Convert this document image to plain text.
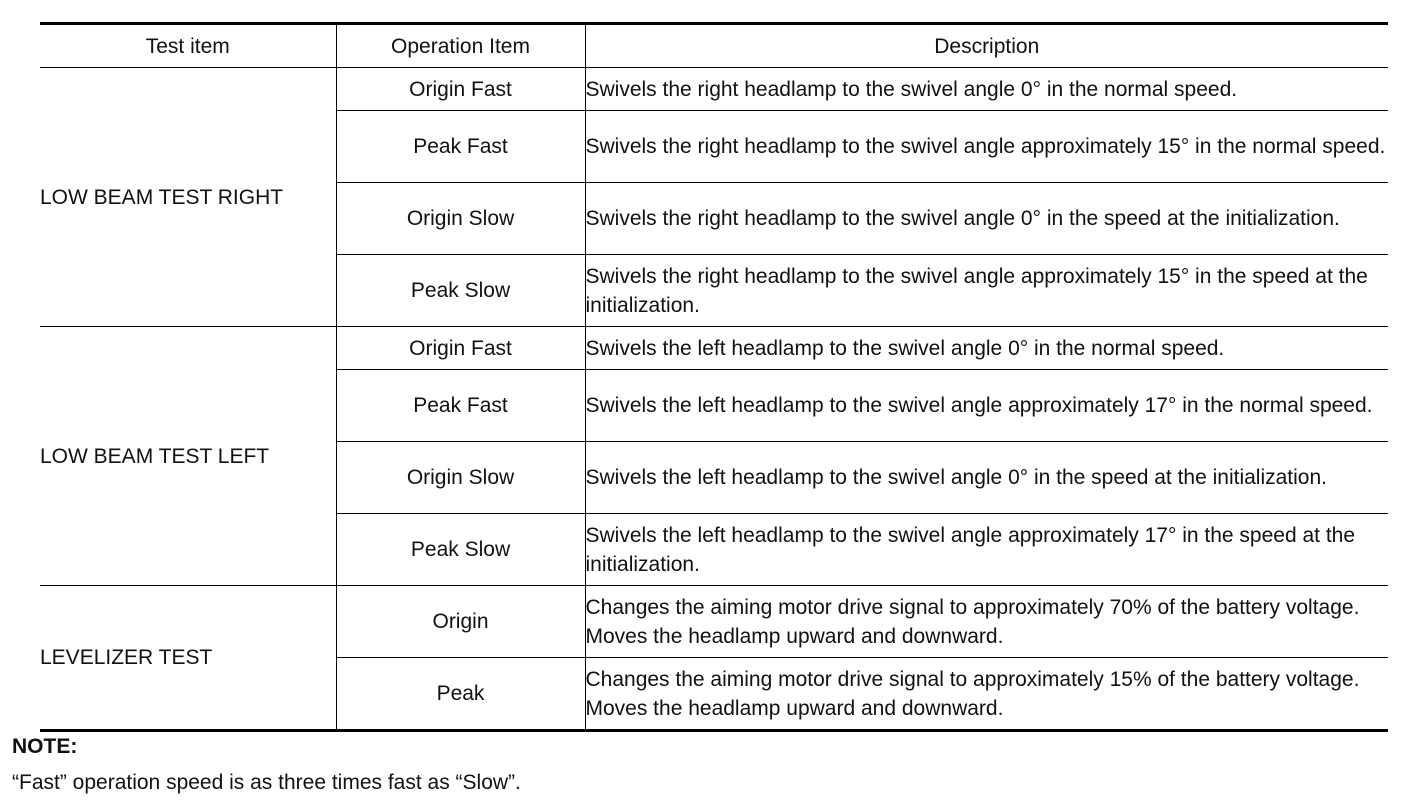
Test item	Operation Item	Description
LOW BEAM TEST RIGHT	Origin Fast	Swivels the right headlamp to the swivel angle 0° in the normal speed.
	Peak Fast	Swivels the right headlamp to the swivel angle approximately 15° in the normal speed.
	Origin Slow	Swivels the right headlamp to the swivel angle 0° in the speed at the initialization.
	Peak Slow	Swivels the right headlamp to the swivel angle approximately 15° in the speed at the initialization.
LOW BEAM TEST LEFT	Origin Fast	Swivels the left headlamp to the swivel angle 0° in the normal speed.
	Peak Fast	Swivels the left headlamp to the swivel angle approximately 17° in the normal speed.
	Origin Slow	Swivels the left headlamp to the swivel angle 0° in the speed at the initialization.
	Peak Slow	Swivels the left headlamp to the swivel angle approximately 17° in the speed at the initialization.
LEVELIZER TEST	Origin	Changes the aiming motor drive signal to approximately 70% of the battery voltage. Moves the headlamp upward and downward.
	Peak	Changes the aiming motor drive signal to approximately 15% of the battery voltage. Moves the headlamp upward and downward.
NOTE:
“Fast” operation speed is as three times fast as “Slow”.
